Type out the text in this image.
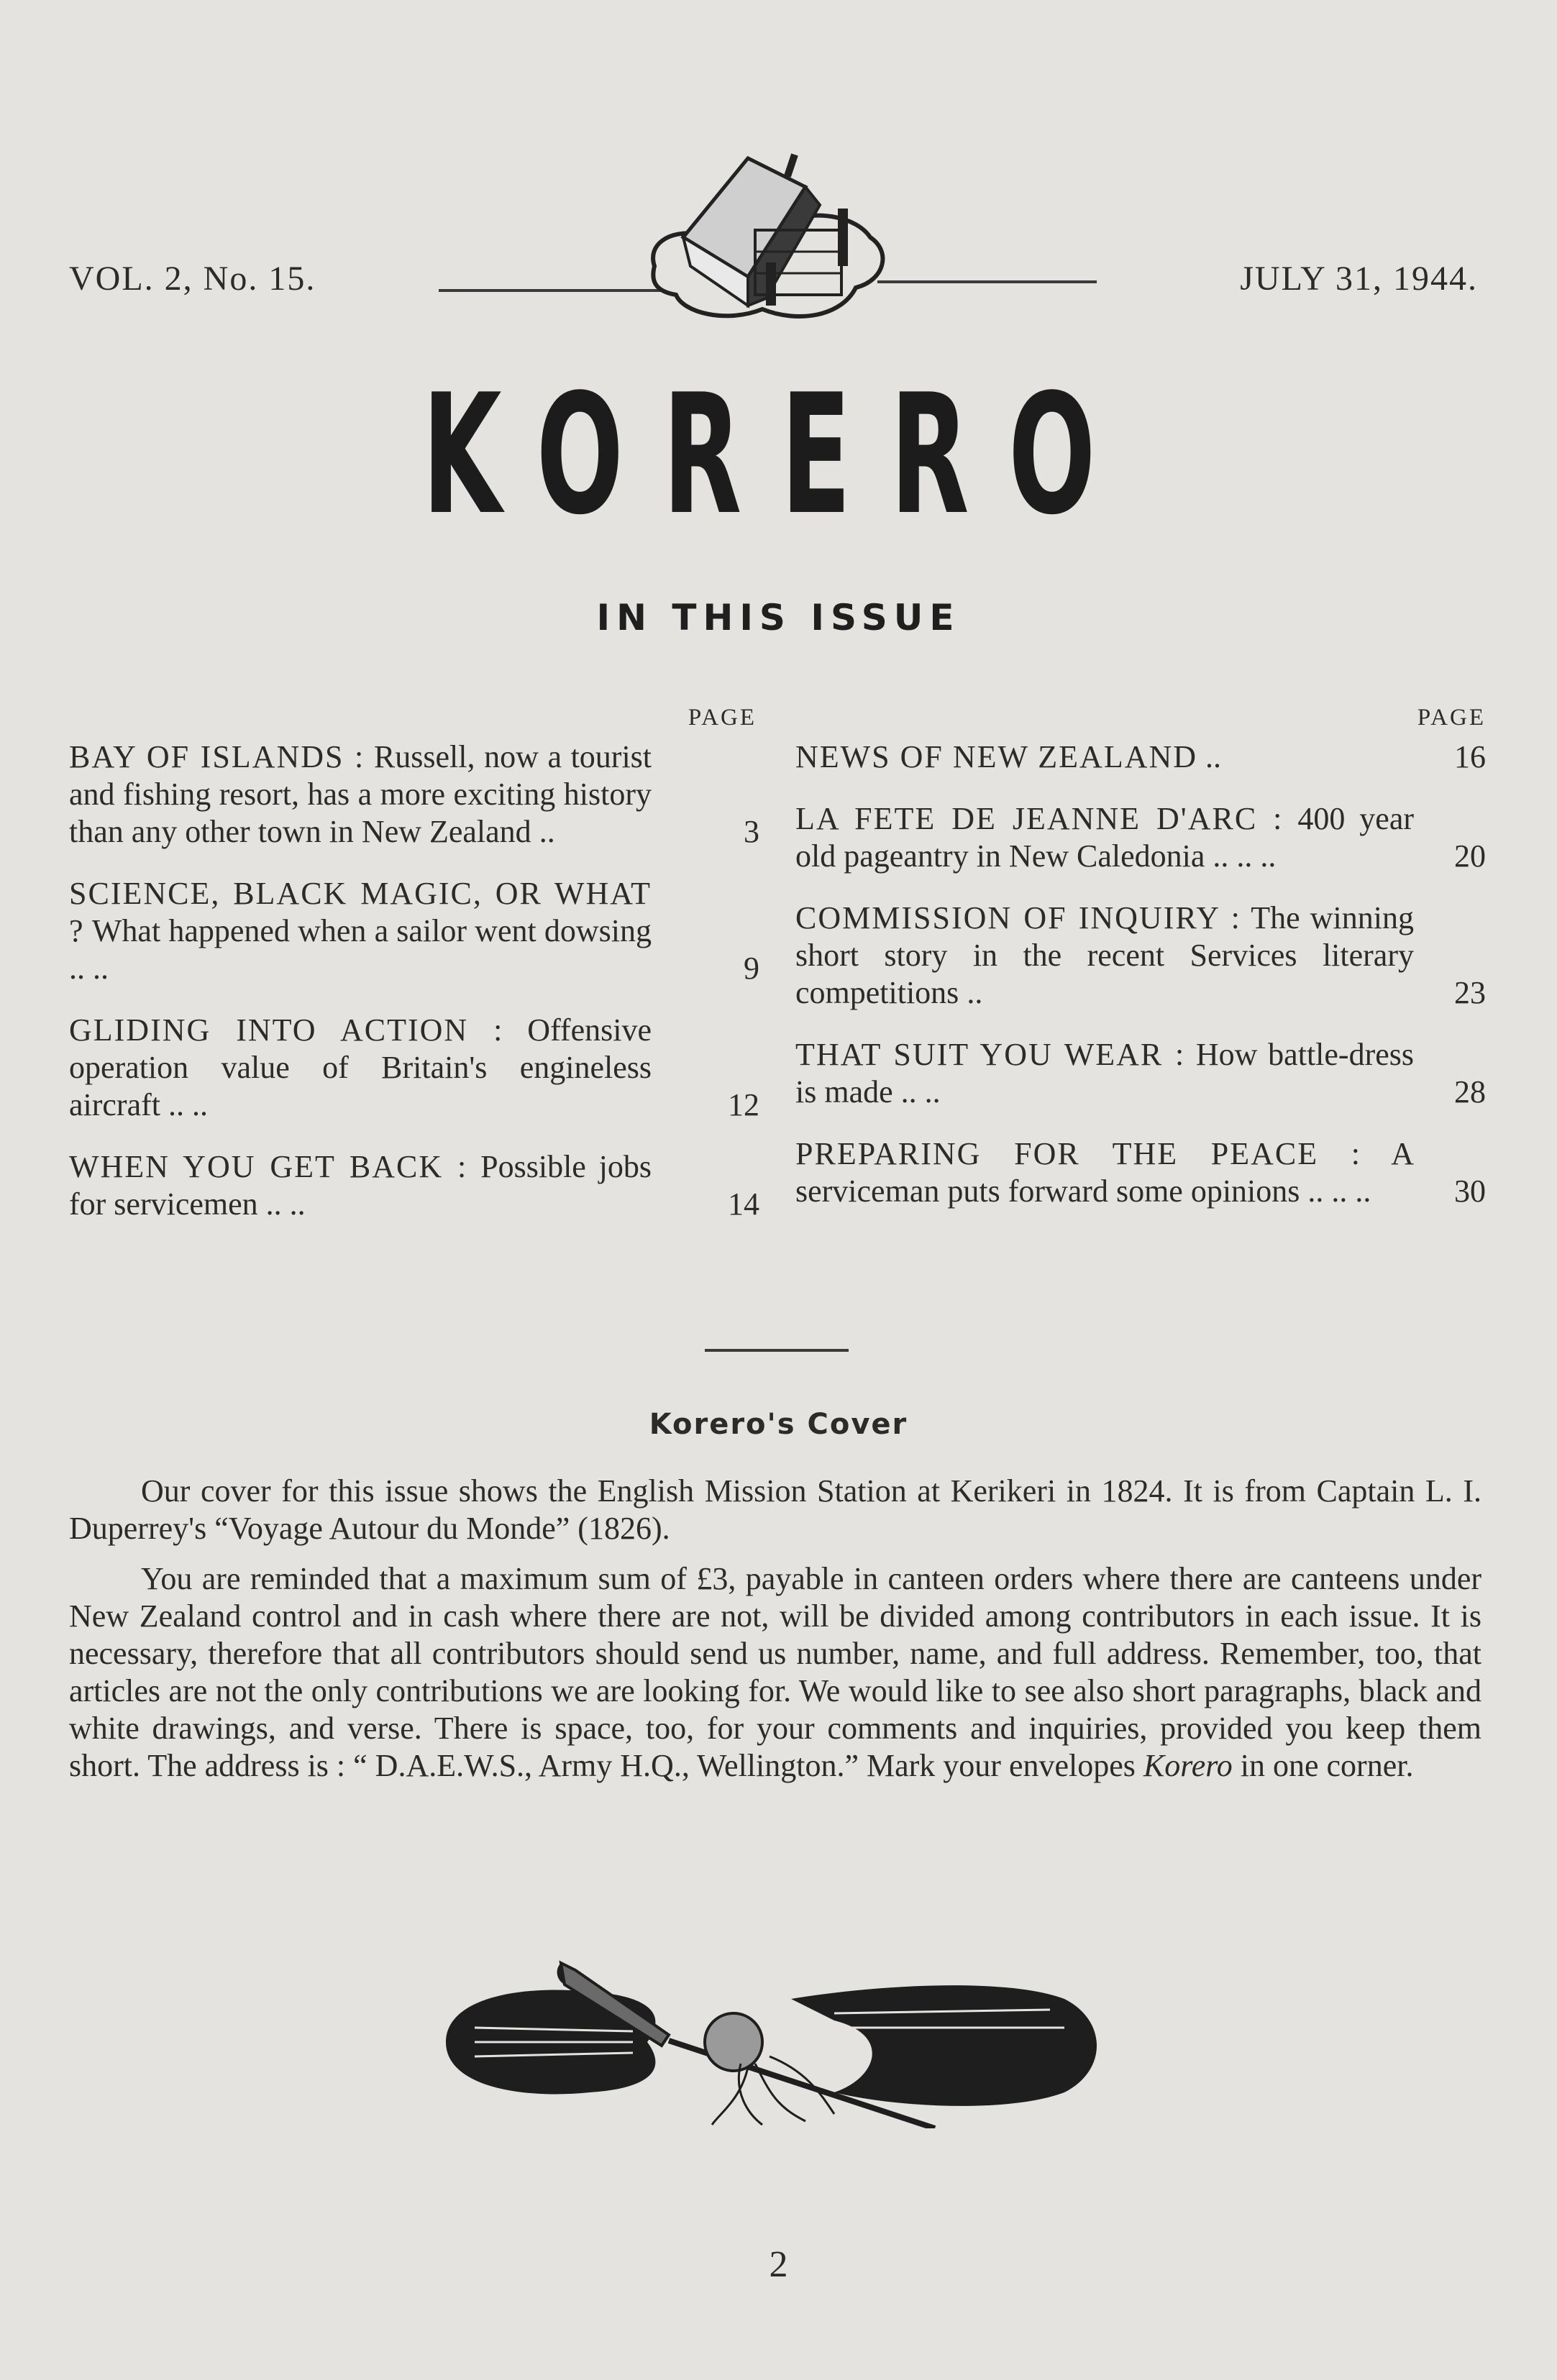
VOL. 2, No. 15.	JULY 31, 1944.
KORERO
IN THIS ISSUE
PAGE
BAY OF ISLANDS : Russell, now a tourist and fishing resort, has a more exciting history than any other town in New Zealand ..	3
SCIENCE, BLACK MAGIC, OR WHAT ? What happened when a sailor went dowsing .. ..	9
GLIDING INTO ACTION : Offensive operation value of Britain's engineless aircraft .. ..	12
WHEN YOU GET BACK : Possible jobs for servicemen .. ..	14
PAGE
NEWS OF NEW ZEALAND ..	16
LA FETE DE JEANNE D'ARC : 400 year old pageantry in New Caledonia .. .. ..	20
COMMISSION OF INQUIRY : The winning short story in the recent Services literary competitions ..	23
THAT SUIT YOU WEAR : How battle-dress is made .. ..	28
PREPARING FOR THE PEACE : A serviceman puts forward some opinions .. .. ..	30
Korero's Cover

Our cover for this issue shows the English Mission Station at Kerikeri in 1824. It is from Captain L. I. Duperrey's “Voyage Autour du Monde” (1826).

You are reminded that a maximum sum of £3, payable in canteen orders where there are canteens under New Zealand control and in cash where there are not, will be divided among contributors in each issue. It is necessary, therefore that all contributors should send us number, name, and full address. Remember, too, that articles are not the only contributions we are looking for. We would like to see also short paragraphs, black and white drawings, and verse. There is space, too, for your comments and inquiries, provided you keep them short. The address is : “ D.A.E.W.S., Army H.Q., Wellington.” Mark your envelopes Korero in one corner.

2
